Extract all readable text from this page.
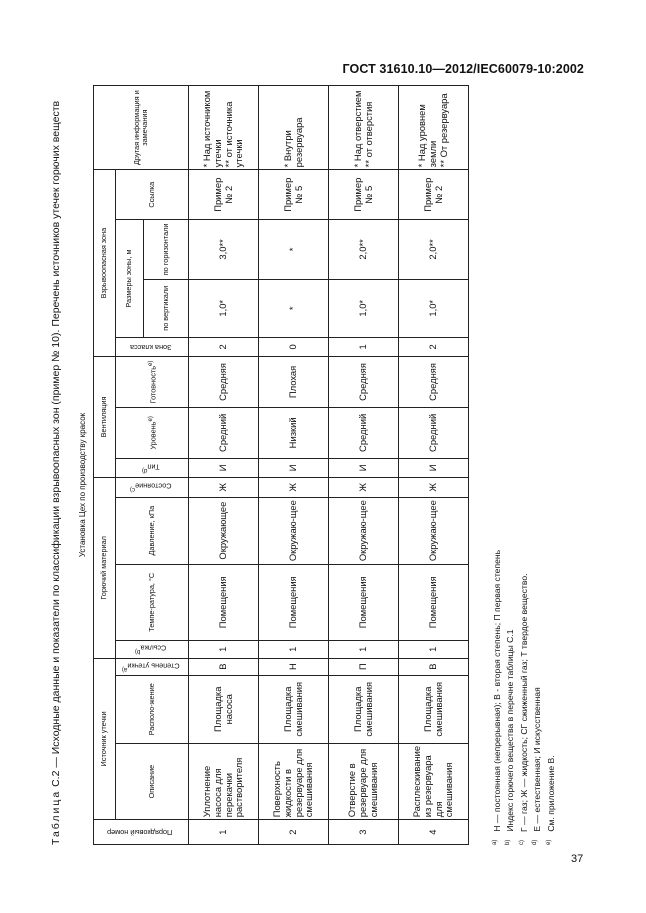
ГОСТ 31610.10—2012/IEC60079-10:2002
Таблица С.2 — Исходные данные и показатели по классификации взрывоопасных зон (пример № 10). Перечень источников утечек горючих веществ Установка Цех по производству красок
Порядковый номер	Источник утечки			Горючий материал				Вентиляция			Взрывоопасная зона				Другая информация и замечания
	Описание	Располо-жение	Степень утечки$^{а)}$	Ссылка$^{b)}$	Темпе-ратура, °С	Давление, кПа	Состояние$^{c)}$	Тип$^{d)}$	Уровень$^{e)}$	Готовность$^{e)}$	Зона класса	Размеры зоны, м		Ссылка	
												по вертикали	по горизонтали		
1	Уплотнение насоса для перекачки растворителя	Площадка насоса	В	1	Помещения	Окружающее	Ж	И	Средний	Средняя	2	1,0*	3,0**	Пример № 2	* Над источником утечки
** от источника утечки
2	Поверхность жидкости в резервуаре для смешивания	Площадка смешивания	Н	1	Помещения	Окружаю-щее	Ж	И	Низкий	Плохая	0	*	*	Пример № 5	* Внутри резервуара
3	Отверстие в резервуаре для смешивания	Площадка смешивания	П	1	Помещения	Окружаю-щее	Ж	И	Средний	Средняя	1	1,0*	2,0**	Пример № 5	* Над отверстием
** от отверстия
4	Расплескивание из резервуара для смешивания	Площадка смешивания	В	1	Помещения	Окружаю-щее	Ж	И	Средний	Средняя	2	1,0*	2,0**	Пример № 2	* Над уровнем земли
** От резервуара
$^{а)}$Н — постоянная (непрерывная); В - вторая степень; П первая степень
$^{b)}$Индекс горючего вещества в перечне таблицы С.1
$^{c)}$Г — газ; Ж — жидкость; СГ сжиженный газ; Т твердое вещество.
$^{d)}$Е — естественная; И искусственная
$^{e)}$См. приложение В.
37
